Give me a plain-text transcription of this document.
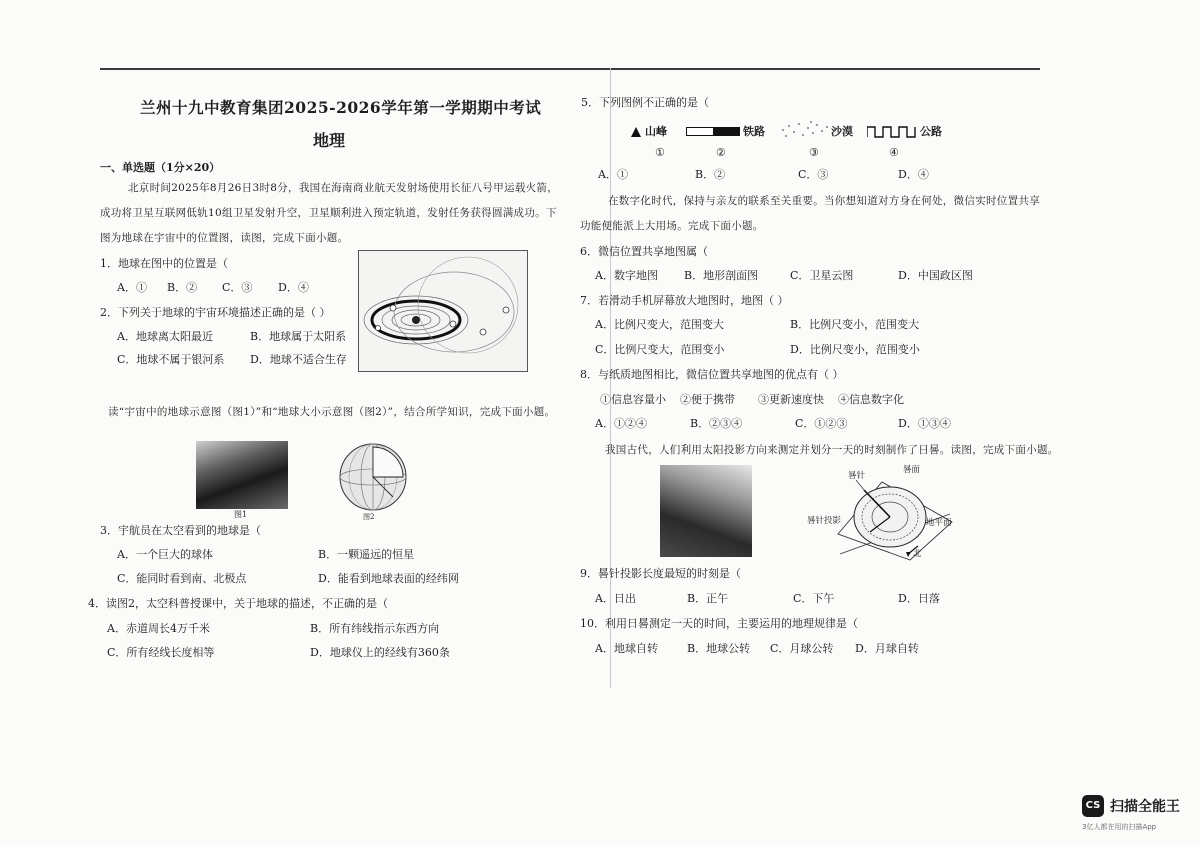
兰州十九中教育集团2025-2026学年第一学期期中考试
地理
一、单选题（1分×20）
北京时间2025年8月26日3时8分，我国在海南商业航天发射场使用长征八号甲运载火箭，
成功将卫星互联网低轨10组卫星发射升空，卫星顺利进入预定轨道，发射任务获得圆满成功。下
图为地球在宇宙中的位置图，读图，完成下面小题。
1．地球在图中的位置是（
A．① B．② C．③ D．④
2．下列关于地球的宇宙环境描述正确的是（ ）
A．地球离太阳最近	B．地球属于太阳系
C．地球不属于银河系 D．地球不适合生存
读“宇宙中的地球示意图（图1）”和“地球大小示意图（图2）”，结合所学知识，完成下面小题。
图1	图2
3．宇航员在太空看到的地球是（
A．一个巨大的球体	B．一颗遥远的恒星
C．能同时看到南、北极点	D．能看到地球表面的经纬网
4．读图2，太空科普授课中，关于地球的描述，不正确的是（
A．赤道周长4万千米	B．所有纬线指示东西方向
C．所有经线长度相等	D．地球仪上的经线有360条
5．下列图例不正确的是（
山峰	铁路	沙漠	公路
①	②	③	④
A．①	B．②	C．③	D．④
在数字化时代，保持与亲友的联系至关重要。当你想知道对方身在何处，微信实时位置共享
功能便能派上大用场。完成下面小题。
6．微信位置共享地图属（
A．数字地图 B．地形剖面图	C．卫星云图	D．中国政区图
7．若滑动手机屏幕放大地图时，地图（ ）
A．比例尺变大，范围变大	B．比例尺变小，范围变大
C．比例尺变大，范围变小	D．比例尺变小，范围变小
8．与纸质地图相比，微信位置共享地图的优点有（ ）
①信息容量小 ②便于携带 ③更新速度快 ④信息数字化
A．①②④	B．②③④	C．①②③	D．①③④
我国古代，人们利用太阳投影方向来测定并划分一天的时刻制作了日晷。读图，完成下面小题。
晷针
晷面
晷针投影	地平面
北
9．晷针投影长度最短的时刻是（
A．日出	B．正午	C．下午	D．日落
10．利用日晷测定一天的时间，主要运用的地理规律是（
A．地球自转	B．地球公转 C．月球公转 D．月球自转
CS 扫描全能王
3亿人都在用的扫描App
